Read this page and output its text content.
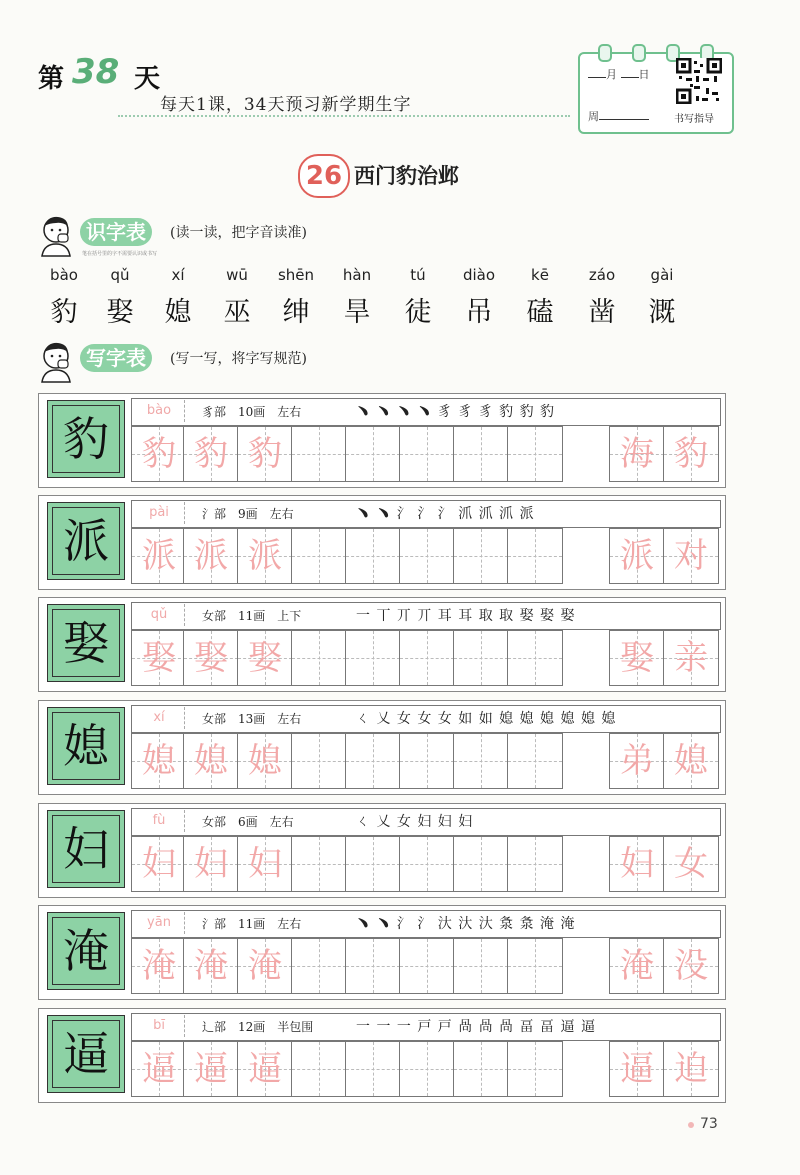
第 38 天
每天1课，34天预习新学期生字
月 日
周	书写指导
26 西门豹治邺
识字表	(读一读，把字音读准)
笔在括号里的字不需要认识或书写
bào
豹
qǔ
娶
xí
媳
wū
巫
shēn
绅
hàn
旱
tú
徒
diào
吊
kē
磕
záo
凿
gài
溉
写字表	(写一写，将字写规范)
豹
bào	豸部　10画　左右	﹅ ﹅ ﹅ ﹅ 豸 豸 豸 豹 豹 豹
豹 豹 豹	海 豹
派
pài	氵部　9画　左右	﹅ ﹅ 氵 氵 氵 沠 沠 沠 派
派 派 派	派 对
娶
qǔ	女部　11画　上下	一 丅 丌 丌 耳 耳 取 取 娶 娶 娶
娶 娶 娶	娶 亲
媳
xí	女部　13画　左右	ㄑ 乂 女 女 女 如 如 媳 媳 媳 媳 媳 媳
媳 媳 媳	弟 媳
妇
fù	女部　6画　左右	ㄑ 乂 女 妇 妇 妇
妇 妇 妇	妇 女
淹
yān	氵部　11画　左右	﹅ ﹅ 氵 氵 汏 汏 汏 洜 洜 淹 淹
淹 淹 淹	淹 没
逼
bī	辶部　12画　半包围	一 一 一 戸 戸 咼 咼 咼 畐 畐 逼 逼
逼 逼 逼	逼 迫
73
